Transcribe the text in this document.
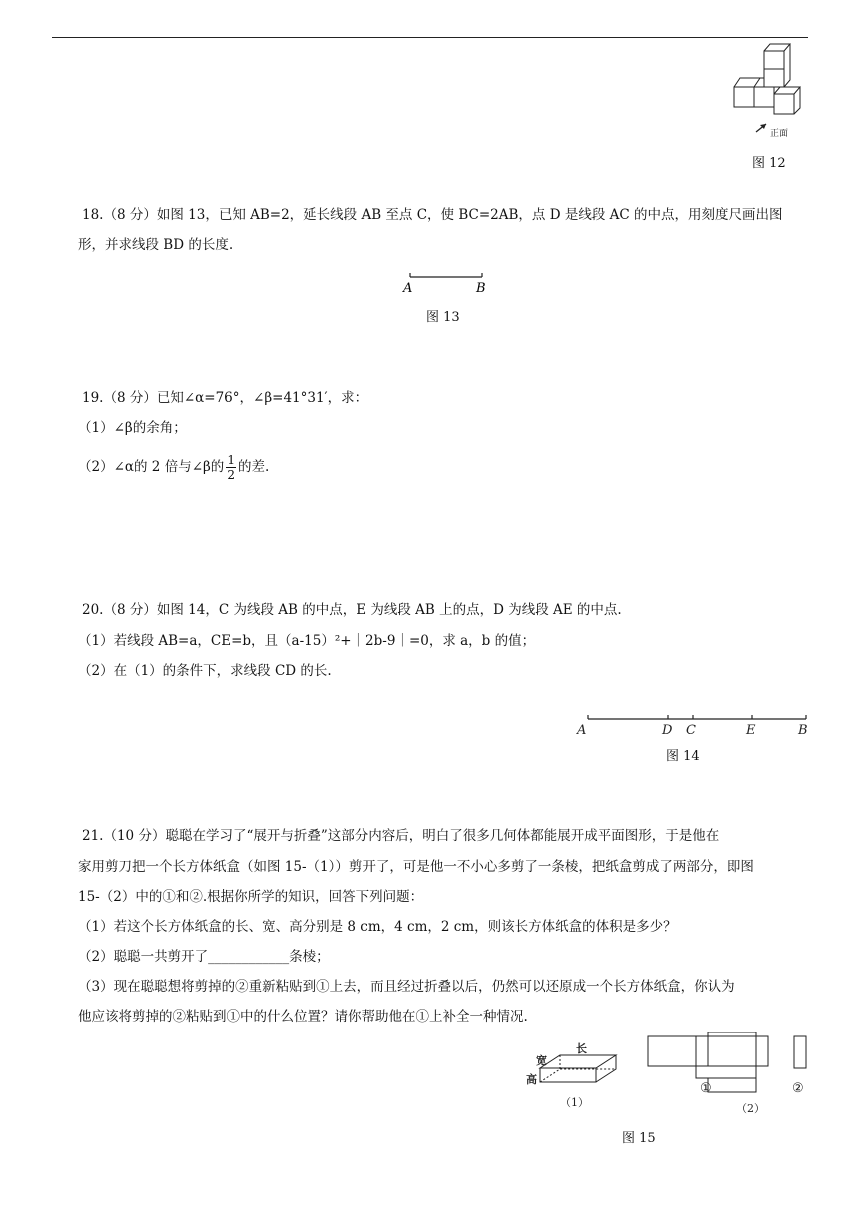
正面
图 12
18.（8 分）如图 13，已知 AB=2，延长线段 AB 至点 C，使 BC=2AB，点 D 是线段 AC 的中点，用刻度尺画出图
形，并求线段 BD 的长度.
A	B
图 13
19.（8 分）已知∠α=76°，∠β=41°31′，求：
（1）∠β的余角；
（2）∠α的 2 倍与∠β的 $\frac{1}{2}$ 的差.
20.（8 分）如图 14，C 为线段 AB 的中点，E 为线段 AB 上的点，D 为线段 AE 的中点.
（1）若线段 AB=a，CE=b，且（a-15）²+｜2b-9｜=0，求 a，b 的值；
（2）在（1）的条件下，求线段 CD 的长.
A	D C	E	B
图 14
21.（10 分）聪聪在学习了“展开与折叠”这部分内容后，明白了很多几何体都能展开成平面图形，于是他在
家用剪刀把一个长方体纸盒（如图 15-（1））剪开了，可是他一不小心多剪了一条棱，把纸盒剪成了两部分，即图
15-（2）中的①和②.根据你所学的知识，回答下列问题：
（1）若这个长方体纸盒的长、宽、高分别是 8 cm，4 cm，2 cm，则该长方体纸盒的体积是多少？
（2）聪聪一共剪开了____________条棱；
（3）现在聪聪想将剪掉的②重新粘贴到①上去，而且经过折叠以后，仍然可以还原成一个长方体纸盒，你认为
他应该将剪掉的②粘贴到①中的什么位置？请你帮助他在①上补全一种情况.
长
宽
高
（1）
①	②
（2）
图 15
